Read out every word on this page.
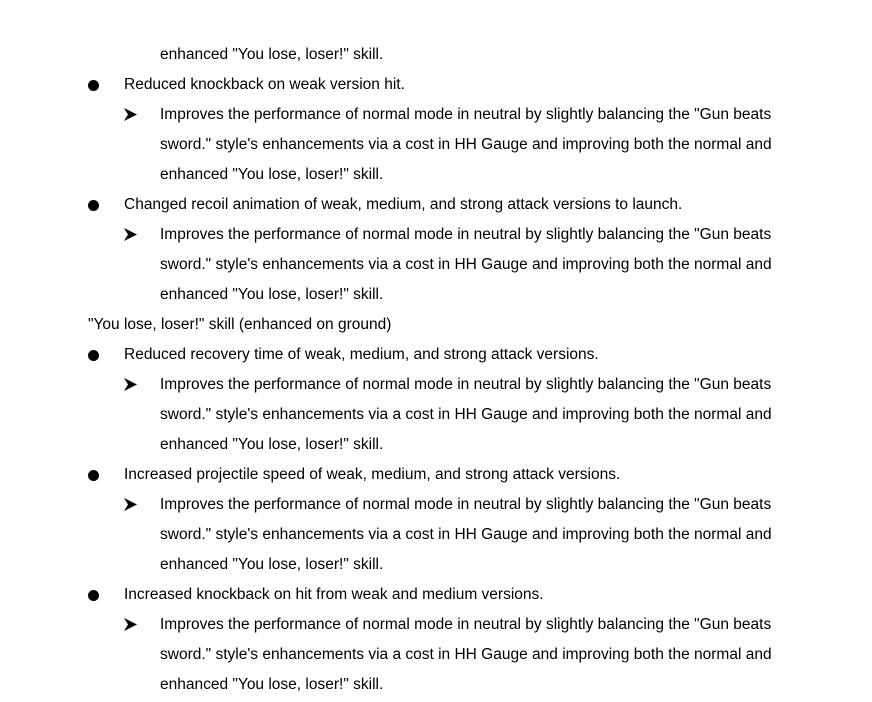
enhanced "You lose, loser!" skill.
Reduced knockback on weak version hit.
Improves the performance of normal mode in neutral by slightly balancing the "Gun beats
sword." style's enhancements via a cost in HH Gauge and improving both the normal and
enhanced "You lose, loser!" skill.
Changed recoil animation of weak, medium, and strong attack versions to launch.
Improves the performance of normal mode in neutral by slightly balancing the "Gun beats
sword." style's enhancements via a cost in HH Gauge and improving both the normal and
enhanced "You lose, loser!" skill.
"You lose, loser!" skill (enhanced on ground)
Reduced recovery time of weak, medium, and strong attack versions.
Improves the performance of normal mode in neutral by slightly balancing the "Gun beats
sword." style's enhancements via a cost in HH Gauge and improving both the normal and
enhanced "You lose, loser!" skill.
Increased projectile speed of weak, medium, and strong attack versions.
Improves the performance of normal mode in neutral by slightly balancing the "Gun beats
sword." style's enhancements via a cost in HH Gauge and improving both the normal and
enhanced "You lose, loser!" skill.
Increased knockback on hit from weak and medium versions.
Improves the performance of normal mode in neutral by slightly balancing the "Gun beats
sword." style's enhancements via a cost in HH Gauge and improving both the normal and
enhanced "You lose, loser!" skill.
